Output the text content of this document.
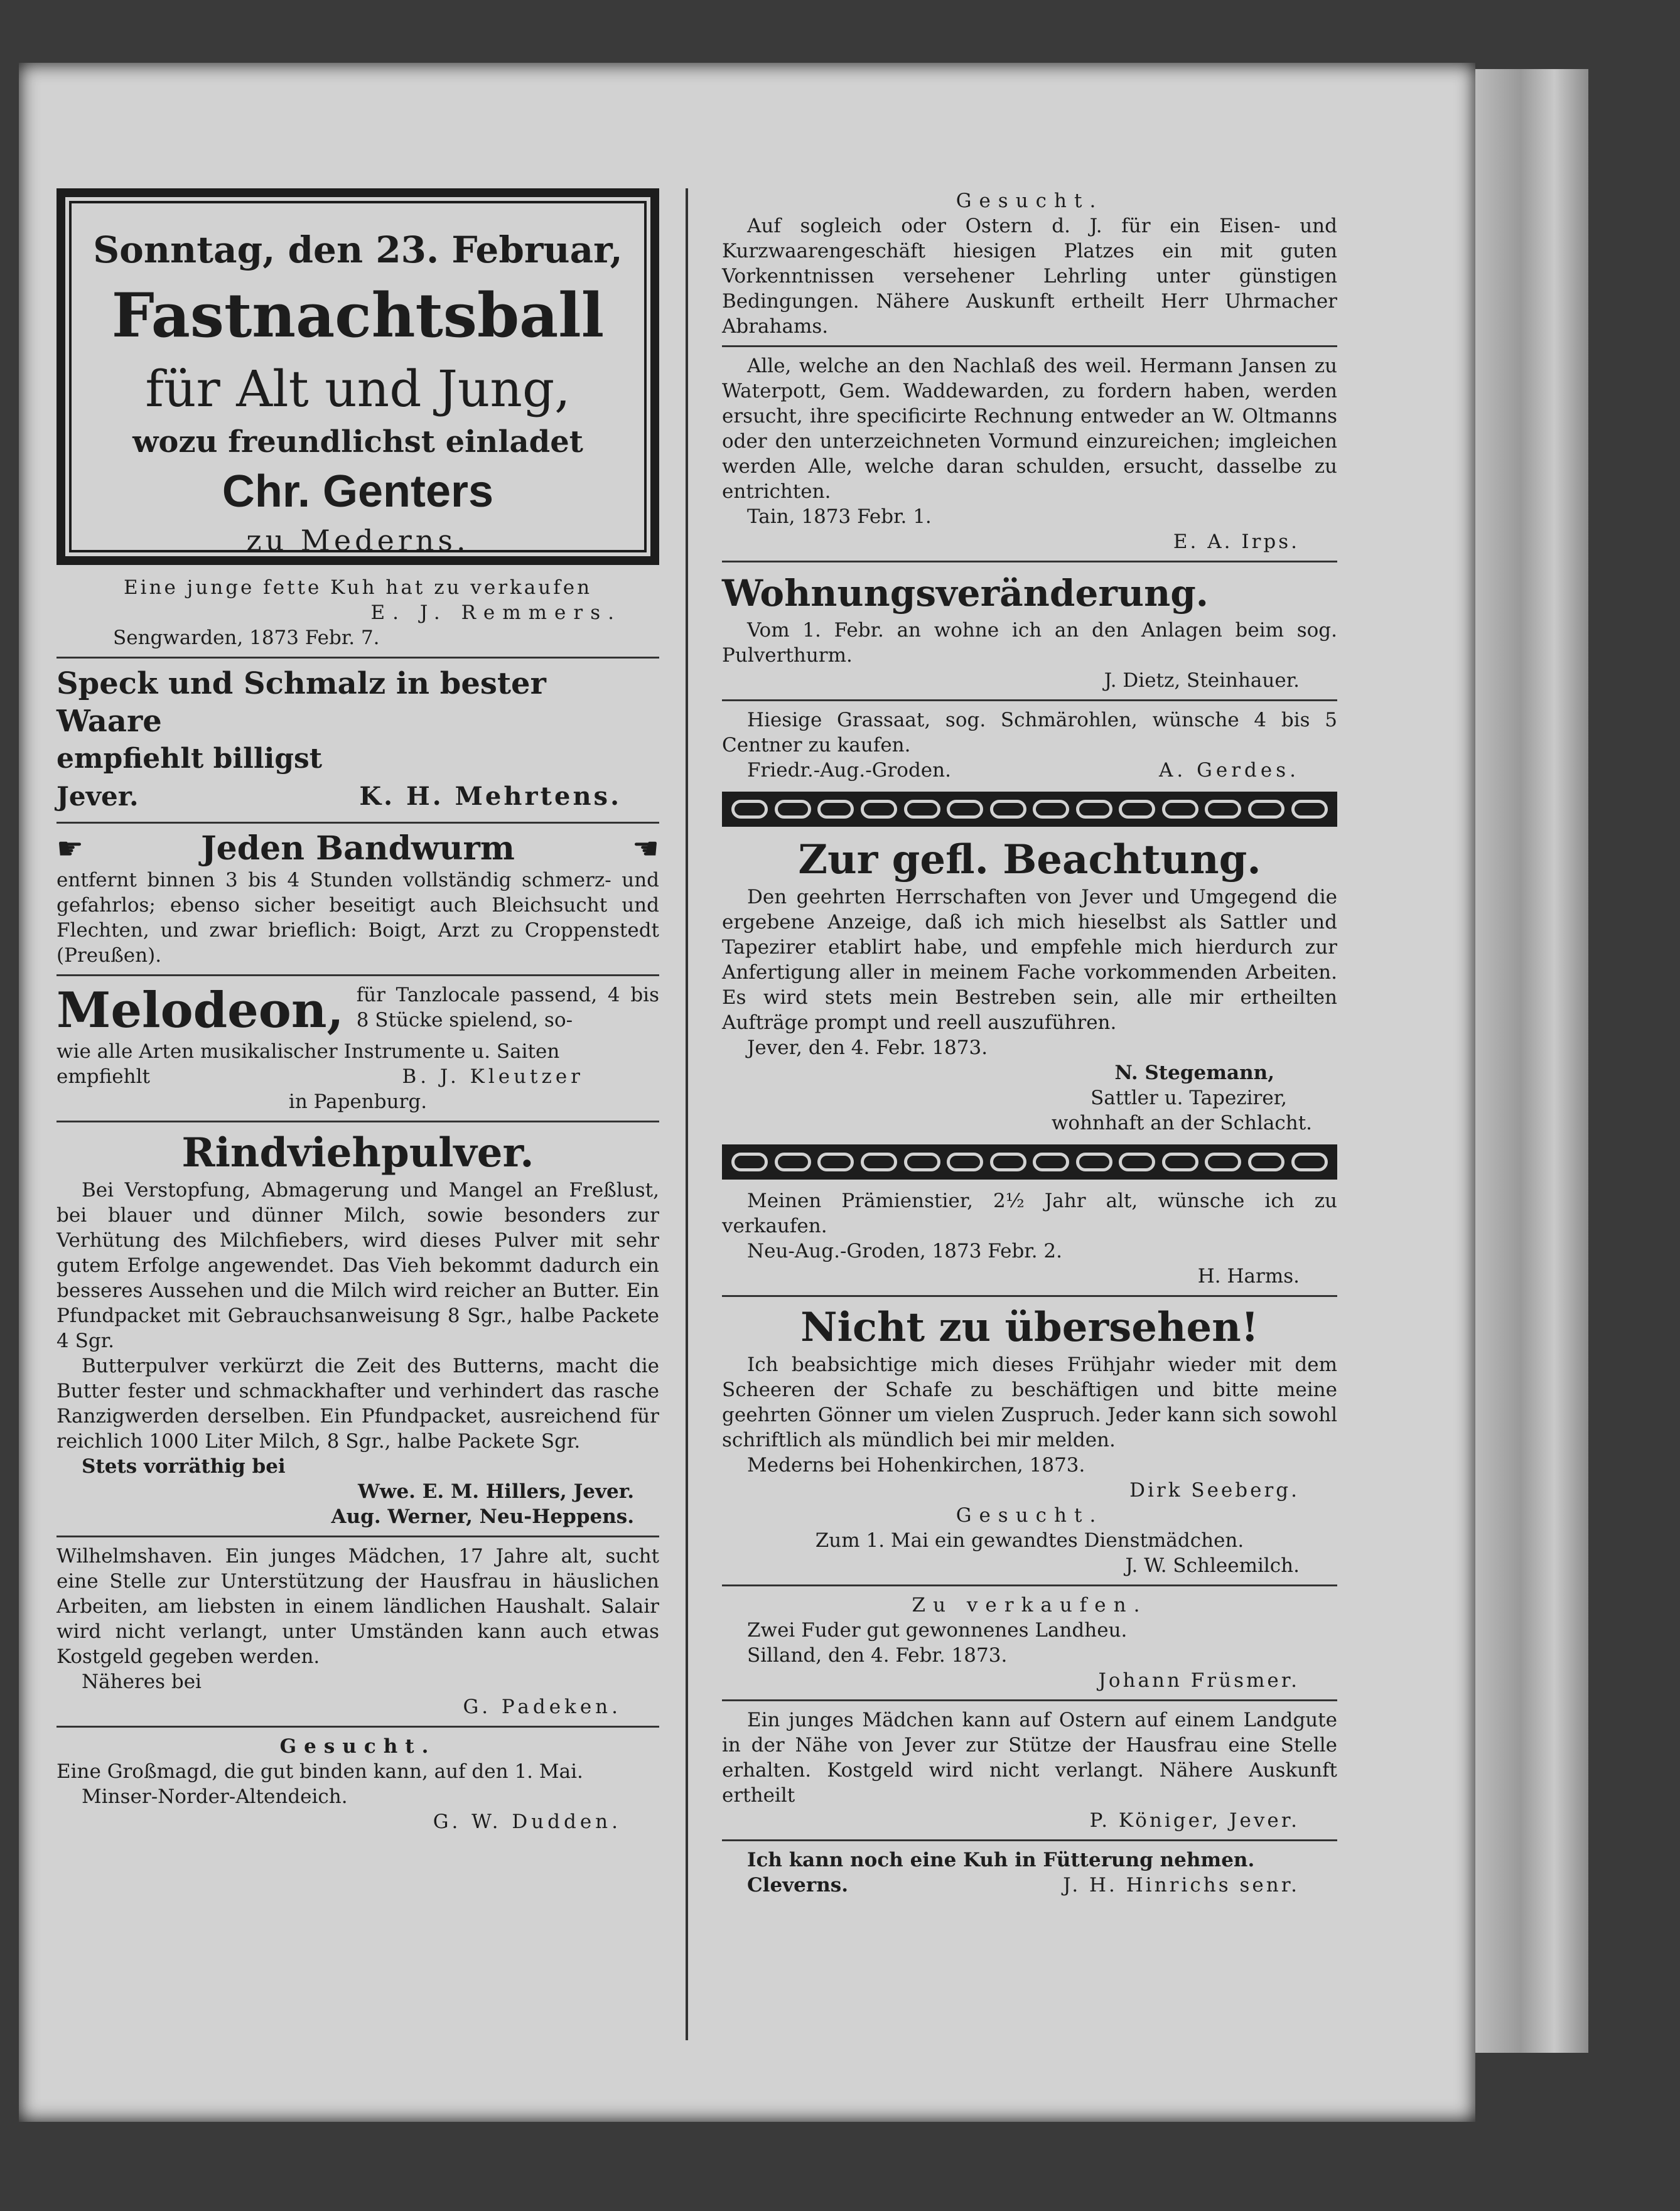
Sonntag, den 23. Februar,
Fastnachtsball
für Alt und Jung,
wozu freundlichst einladet
Chr. Genters
zu Mederns.

Eine junge fette Kuh hat zu verkaufen

E. J. Remmers.

Sengwarden, 1873 Febr. 7.

Speck und Schmalz in bester Waare
empfiehlt billigst
Jever.	K. H. Mehrtens.
☛	Jeden Bandwurm	☛

entfernt binnen 3 bis 4 Stunden vollständig schmerz- und gefahrlos; ebenso sicher beseitigt auch Bleichsucht und Flechten, und zwar brieflich: Boigt, Arzt zu Croppenstedt (Preußen).

Melodeon, für Tanzlocale passend, 4 bis 8 Stücke spielend, so-

wie alle Arten musikalischer Instrumente u. Saiten

empfiehlt	B. J. Kleutzer

in Papenburg.

Rindviehpulver.

Bei Verstopfung, Abmagerung und Mangel an Freßlust, bei blauer und dünner Milch, sowie besonders zur Verhütung des Milchfiebers, wird dieses Pulver mit sehr gutem Erfolge angewendet. Das Vieh bekommt dadurch ein besseres Aussehen und die Milch wird reicher an Butter. Ein Pfundpacket mit Gebrauchsanweisung 8 Sgr., halbe Packete 4 Sgr.

Butterpulver verkürzt die Zeit des Butterns, macht die Butter fester und schmackhafter und verhindert das rasche Ranzigwerden derselben. Ein Pfundpacket, ausreichend für reichlich 1000 Liter Milch, 8 Sgr., halbe Packete Sgr.

Stets vorräthig bei

Wwe. E. M. Hillers, Jever.

Aug. Werner, Neu-Heppens.

Wilhelmshaven. Ein junges Mädchen, 17 Jahre alt, sucht eine Stelle zur Unterstützung der Hausfrau in häuslichen Arbeiten, am liebsten in einem ländlichen Haushalt. Salair wird nicht verlangt, unter Umständen kann auch etwas Kostgeld gegeben werden.

Näheres bei

G. Padeken.

Gesucht.

Eine Großmagd, die gut binden kann, auf den 1. Mai.

Minser-Norder-Altendeich.

G. W. Dudden.

Gesucht.

Auf sogleich oder Ostern d. J. für ein Eisen- und Kurzwaarengeschäft hiesigen Platzes ein mit guten Vorkenntnissen versehener Lehrling unter günstigen Bedingungen. Nähere Auskunft ertheilt Herr Uhrmacher Abrahams.

Alle, welche an den Nachlaß des weil. Hermann Jansen zu Waterpott, Gem. Waddewarden, zu fordern haben, werden ersucht, ihre specificirte Rechnung entweder an W. Oltmanns oder den unterzeichneten Vormund einzureichen; imgleichen werden Alle, welche daran schulden, ersucht, dasselbe zu entrichten.

Tain, 1873 Febr. 1.

E. A. Irps.

Wohnungsveränderung.

Vom 1. Febr. an wohne ich an den Anlagen beim sog. Pulverthurm.

J. Dietz, Steinhauer.

Hiesige Grassaat, sog. Schmärohlen, wünsche 4 bis 5 Centner zu kaufen.

Friedr.-Aug.-Groden.	A. Gerdes.
Zur gefl. Beachtung.

Den geehrten Herrschaften von Jever und Umgegend die ergebene Anzeige, daß ich mich hieselbst als Sattler und Tapezirer etablirt habe, und empfehle mich hierdurch zur Anfertigung aller in meinem Fache vorkommenden Arbeiten. Es wird stets mein Bestreben sein, alle mir ertheilten Aufträge prompt und reell auszuführen.

Jever, den 4. Febr. 1873.

N. Stegemann,

Sattler u. Tapezirer,

wohnhaft an der Schlacht.

Meinen Prämienstier, 2½ Jahr alt, wünsche ich zu verkaufen.

Neu-Aug.-Groden, 1873 Febr. 2.

H. Harms.

Nicht zu übersehen!

Ich beabsichtige mich dieses Frühjahr wieder mit dem Scheeren der Schafe zu beschäftigen und bitte meine geehrten Gönner um vielen Zuspruch. Jeder kann sich sowohl schriftlich als mündlich bei mir melden.

Mederns bei Hohenkirchen, 1873.

Dirk Seeberg.

Gesucht.

Zum 1. Mai ein gewandtes Dienstmädchen.

J. W. Schleemilch.

Zu verkaufen.

Zwei Fuder gut gewonnenes Landheu.

Silland, den 4. Febr. 1873.

Johann Früsmer.

Ein junges Mädchen kann auf Ostern auf einem Landgute in der Nähe von Jever zur Stütze der Hausfrau eine Stelle erhalten. Kostgeld wird nicht verlangt. Nähere Auskunft ertheilt

P. Königer, Jever.

Ich kann noch eine Kuh in Fütterung nehmen.

Cleverns.	J. H. Hinrichs senr.
